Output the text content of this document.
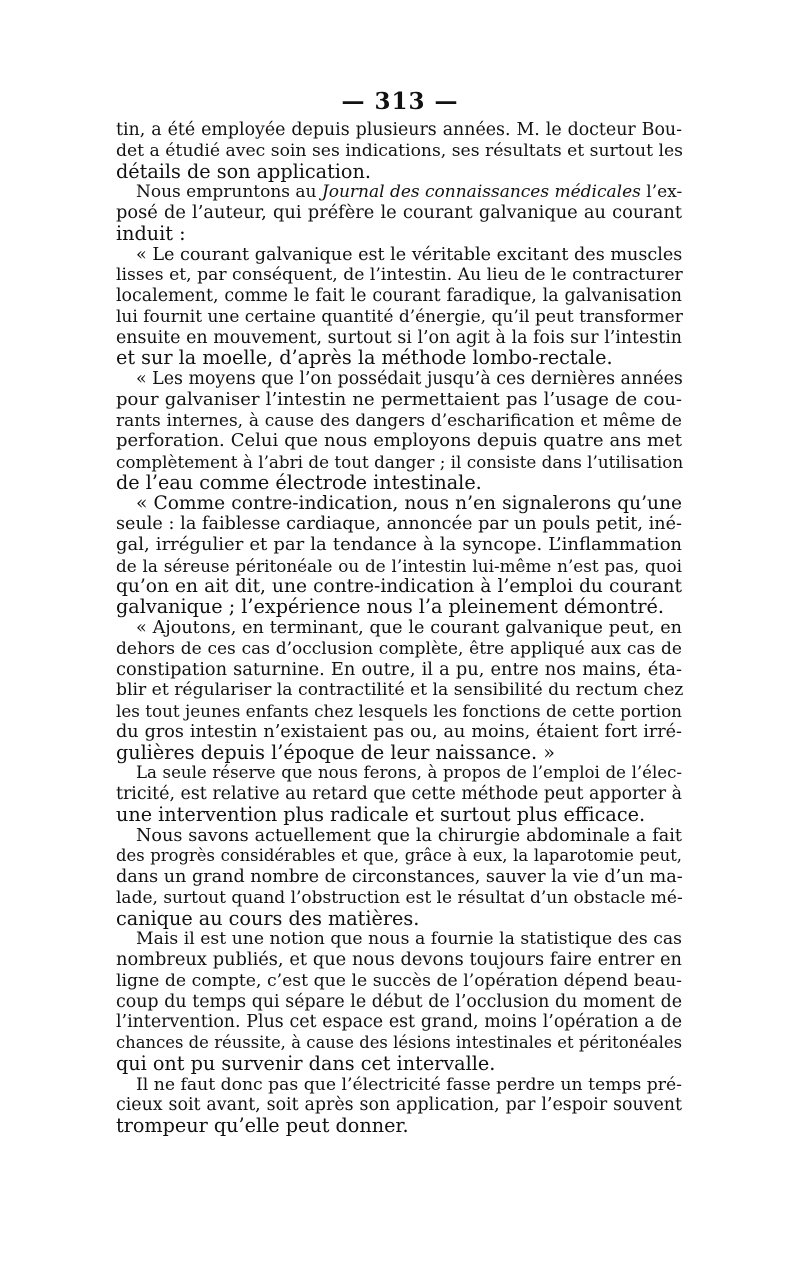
— 313 —
tin, a été employée depuis plusieurs années. M. le docteur Bou-
det a étudié avec soin ses indications, ses résultats et surtout les
détails de son application.
Nous empruntons au Journal des connaissances médicales l’ex-
posé de l’auteur, qui préfère le courant galvanique au courant
induit :
« Le courant galvanique est le véritable excitant des muscles
lisses et, par conséquent, de l’intestin. Au lieu de le contracturer
localement, comme le fait le courant faradique, la galvanisation
lui fournit une certaine quantité d’énergie, qu’il peut transformer
ensuite en mouvement, surtout si l’on agit à la fois sur l’intestin
et sur la moelle, d’après la méthode lombo-rectale.
« Les moyens que l’on possédait jusqu’à ces dernières années
pour galvaniser l’intestin ne permettaient pas l’usage de cou-
rants internes, à cause des dangers d’escharification et même de
perforation. Celui que nous employons depuis quatre ans met
complètement à l’abri de tout danger ; il consiste dans l’utilisation
de l’eau comme électrode intestinale.
« Comme contre-indication, nous n’en signalerons qu’une
seule : la faiblesse cardiaque, annoncée par un pouls petit, iné-
gal, irrégulier et par la tendance à la syncope. L’inflammation
de la séreuse péritonéale ou de l’intestin lui-même n’est pas, quoi
qu’on en ait dit, une contre-indication à l’emploi du courant
galvanique ; l’expérience nous l’a pleinement démontré.
« Ajoutons, en terminant, que le courant galvanique peut, en
dehors de ces cas d’occlusion complète, être appliqué aux cas de
constipation saturnine. En outre, il a pu, entre nos mains, éta-
blir et régulariser la contractilité et la sensibilité du rectum chez
les tout jeunes enfants chez lesquels les fonctions de cette portion
du gros intestin n’existaient pas ou, au moins, étaient fort irré-
gulières depuis l’époque de leur naissance. »
La seule réserve que nous ferons, à propos de l’emploi de l’élec-
tricité, est relative au retard que cette méthode peut apporter à
une intervention plus radicale et surtout plus efficace.
Nous savons actuellement que la chirurgie abdominale a fait
des progrès considérables et que, grâce à eux, la laparotomie peut,
dans un grand nombre de circonstances, sauver la vie d’un ma-
lade, surtout quand l’obstruction est le résultat d’un obstacle mé-
canique au cours des matières.
Mais il est une notion que nous a fournie la statistique des cas
nombreux publiés, et que nous devons toujours faire entrer en
ligne de compte, c’est que le succès de l’opération dépend beau-
coup du temps qui sépare le début de l’occlusion du moment de
l’intervention. Plus cet espace est grand, moins l’opération a de
chances de réussite, à cause des lésions intestinales et péritonéales
qui ont pu survenir dans cet intervalle.
Il ne faut donc pas que l’électricité fasse perdre un temps pré-
cieux soit avant, soit après son application, par l’espoir souvent
trompeur qu’elle peut donner.
